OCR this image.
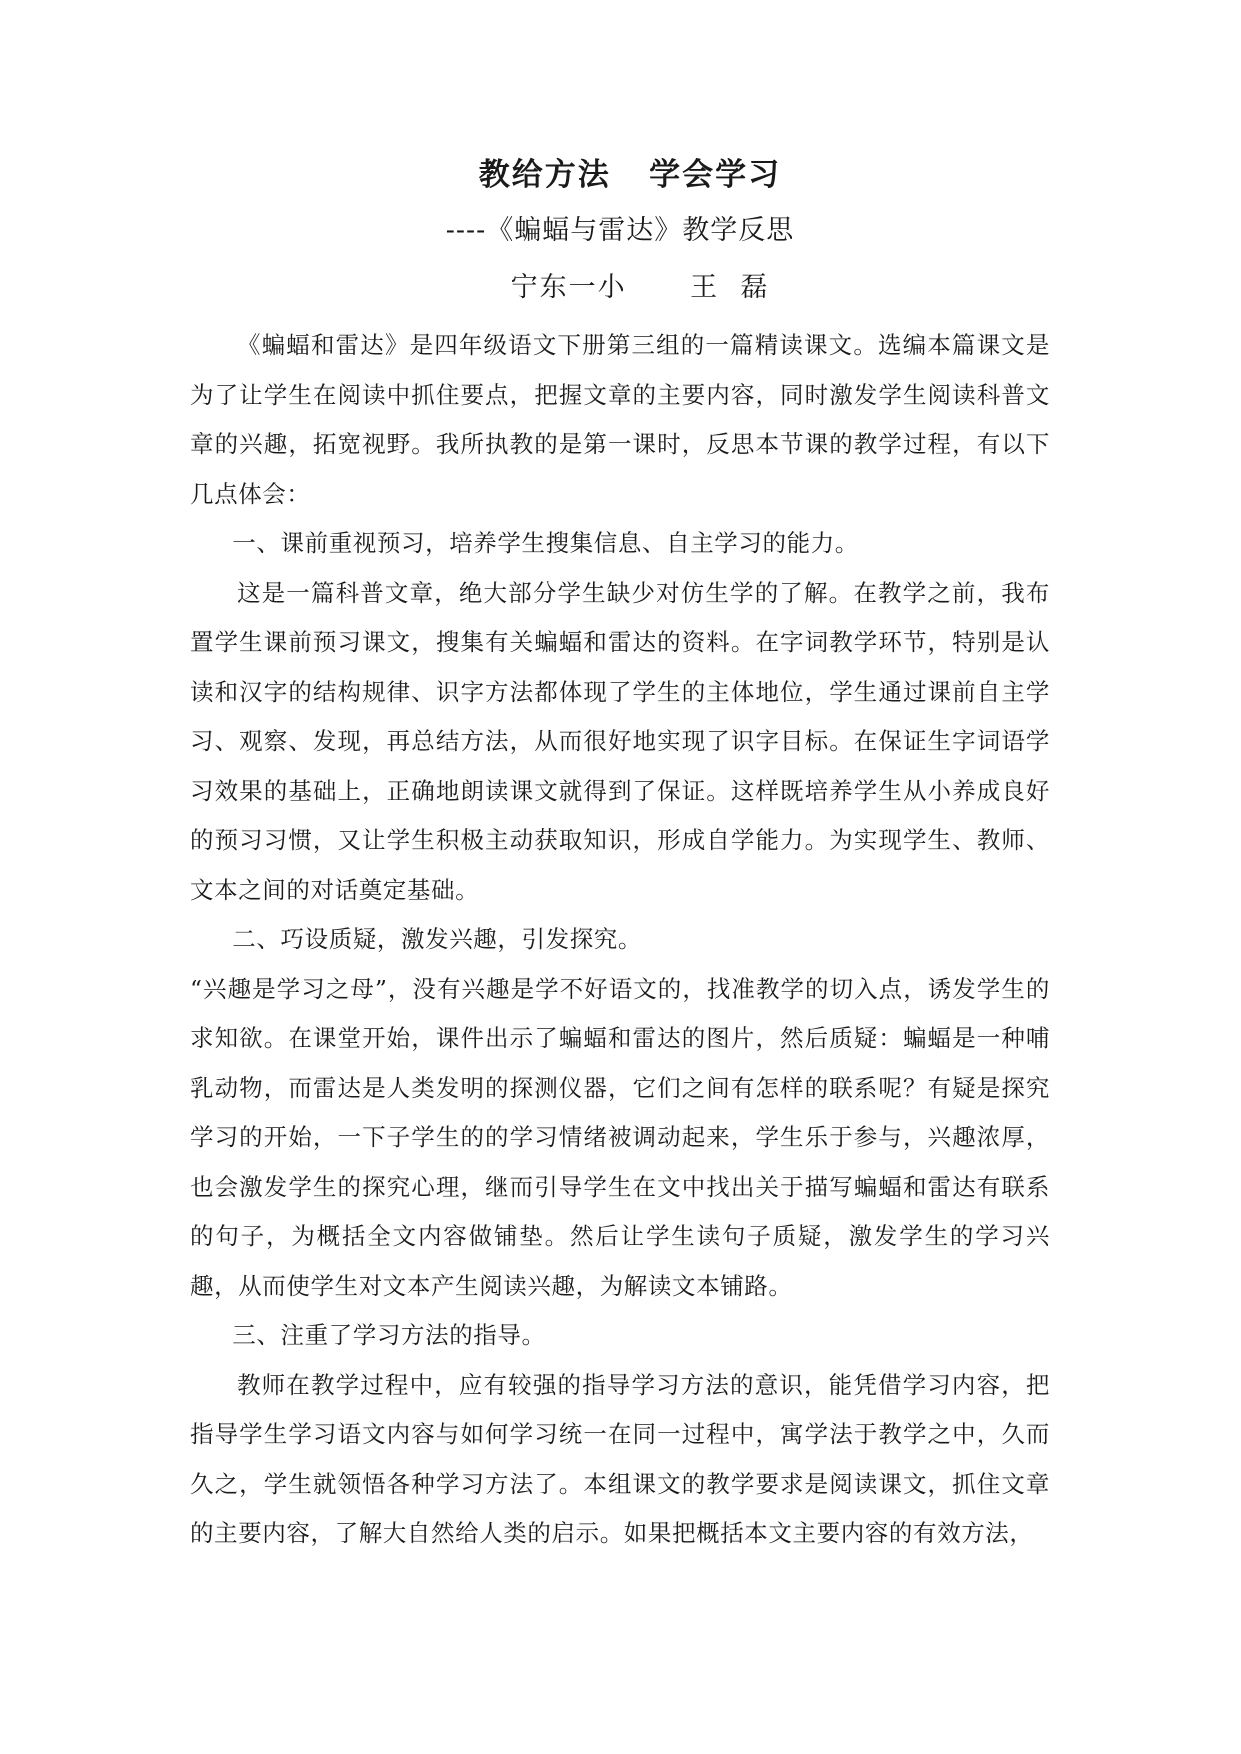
教给方法   学会学习
----《蝙蝠与雷达》教学反思
宁东一小      王  磊

《蝙蝠和雷达》是四年级语文下册第三组的一篇精读课文。选编本篇课文是为了让学生在阅读中抓住要点，把握文章的主要内容，同时激发学生阅读科普文章的兴趣，拓宽视野。我所执教的是第一课时，反思本节课的教学过程，有以下几点体会：

一、课前重视预习，培养学生搜集信息、自主学习的能力。

这是一篇科普文章，绝大部分学生缺少对仿生学的了解。在教学之前，我布置学生课前预习课文，搜集有关蝙蝠和雷达的资料。在字词教学环节，特别是认读和汉字的结构规律、识字方法都体现了学生的主体地位，学生通过课前自主学习、观察、发现，再总结方法，从而很好地实现了识字目标。在保证生字词语学习效果的基础上，正确地朗读课文就得到了保证。这样既培养学生从小养成良好的预习习惯，又让学生积极主动获取知识，形成自学能力。为实现学生、教师、文本之间的对话奠定基础。

二、巧设质疑，激发兴趣，引发探究。

“兴趣是学习之母”，没有兴趣是学不好语文的，找准教学的切入点，诱发学生的求知欲。在课堂开始，课件出示了蝙蝠和雷达的图片，然后质疑：蝙蝠是一种哺乳动物，而雷达是人类发明的探测仪器，它们之间有怎样的联系呢？有疑是探究学习的开始，一下子学生的的学习情绪被调动起来，学生乐于参与，兴趣浓厚，也会激发学生的探究心理，继而引导学生在文中找出关于描写蝙蝠和雷达有联系的句子，为概括全文内容做铺垫。然后让学生读句子质疑，激发学生的学习兴趣，从而使学生对文本产生阅读兴趣，为解读文本铺路。

三、注重了学习方法的指导。

教师在教学过程中，应有较强的指导学习方法的意识，能凭借学习内容，把指导学生学习语文内容与如何学习统一在同一过程中，寓学法于教学之中，久而久之，学生就领悟各种学习方法了。本组课文的教学要求是阅读课文，抓住文章的主要内容，了解大自然给人类的启示。如果把概括本文主要内容的有效方法，
